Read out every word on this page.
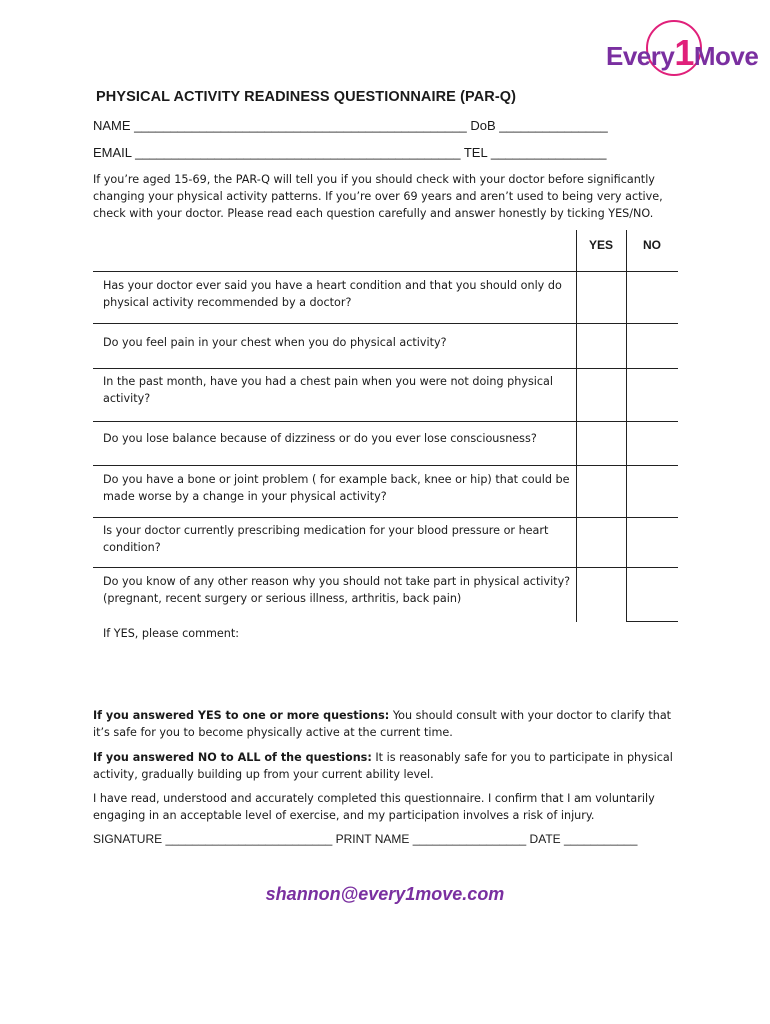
Every1Move
PHYSICAL ACTIVITY READINESS QUESTIONNAIRE (PAR-Q)
NAME ______________________________________________ DoB _______________
EMAIL _____________________________________________ TEL ________________
If you’re aged 15-69, the PAR-Q will tell you if you should check with your doctor before significantly changing your physical activity patterns. If you’re over 69 years and aren’t used to being very active, check with your doctor. Please read each question carefully and answer honestly by ticking YES/NO.
YES NO
Has your doctor ever said you have a heart condition and that you should only do physical activity recommended by a doctor?
Do you feel pain in your chest when you do physical activity?
In the past month, have you had a chest pain when you were not doing physical activity?
Do you lose balance because of dizziness or do you ever lose consciousness?
Do you have a bone or joint problem ( for example back, knee or hip) that could be made worse by a change in your physical activity?
Is your doctor currently prescribing medication for your blood pressure or heart condition?
Do you know of any other reason why you should not take part in physical activity? (pregnant, recent surgery or serious illness, arthritis, back pain)
If YES, please comment:
If you answered YES to one or more questions: You should consult with your doctor to clarify that it’s safe for you to become physically active at the current time.
If you answered NO to ALL of the questions: It is reasonably safe for you to participate in physical activity, gradually building up from your current ability level.
I have read, understood and accurately completed this questionnaire. I confirm that I am voluntarily engaging in an acceptable level of exercise, and my participation involves a risk of injury.
SIGNATURE _________________________ PRINT NAME _________________ DATE ___________
shannon@every1move.com
